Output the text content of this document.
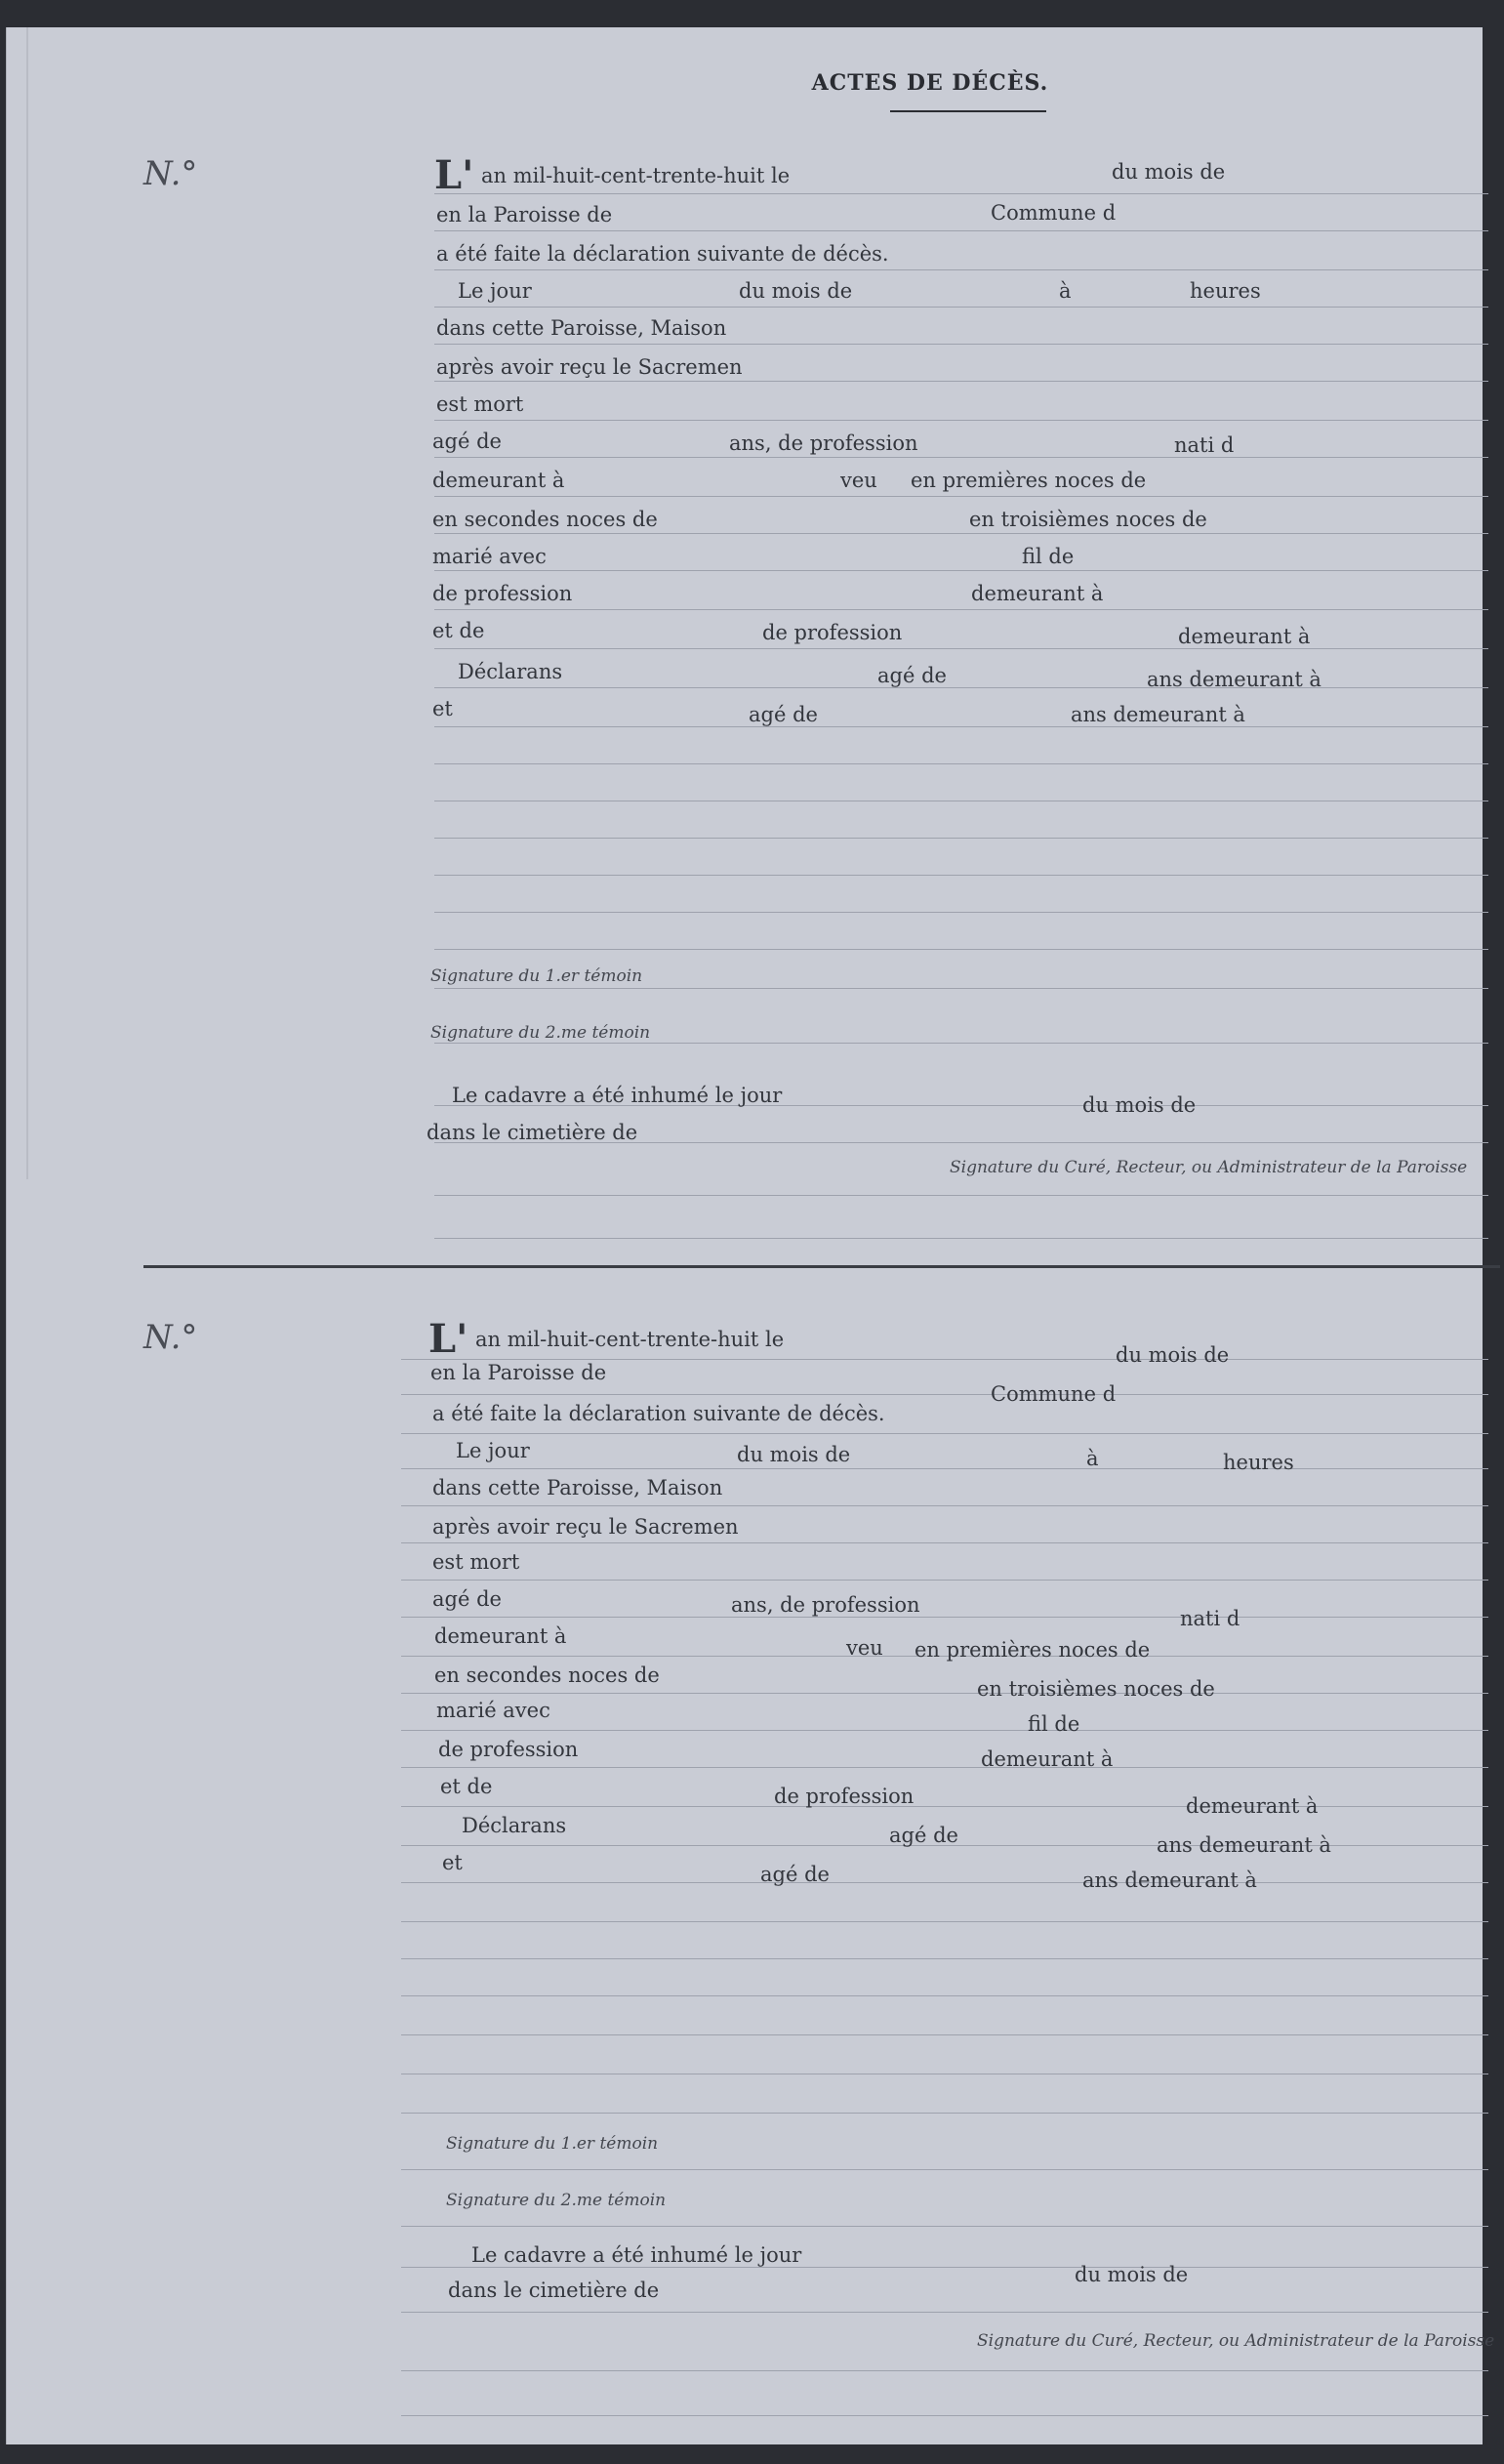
ACTES DE DÉCÈS.
N.°	L' an mil-huit-cent-trente-huit le	du mois de
en la Paroisse de	Commune d
a été faite la déclaration suivante de décès.
Le jour	du mois de	à	heures
dans cette Paroisse, Maison
après avoir reçu le Sacremen
est mort
agé de	ans, de profession	nati d
demeurant à	veu en premières noces de
en secondes noces de	en troisièmes noces de
marié avec	fil de
de profession	demeurant à
et de	de profession	demeurant à
Déclarans	agé de	ans demeurant à
et	agé de	ans demeurant à
Signature du 1.er témoin
Signature du 2.me témoin
Le cadavre a été inhumé le jour	du mois de
dans le cimetière de
Signature du Curé, Recteur, ou Administrateur de la Paroisse
N.°	L' an mil-huit-cent-trente-huit le
du mois de
en la Paroisse de
Commune d
a été faite la déclaration suivante de décès.
Le jour	du mois de	à	heures
dans cette Paroisse, Maison
après avoir reçu le Sacremen
est mort
agé de	ans, de profession
nati d
demeurant à	veu en premières noces de
en secondes noces de
en troisièmes noces de
marié avec
fil de
de profession	demeurant à
et de	de profession	demeurant à
Déclarans	agé de	ans demeurant à
et	agé de	ans demeurant à
Signature du 1.er témoin
Signature du 2.me témoin
Le cadavre a été inhumé le jour
du mois de
dans le cimetière de
Signature du Curé, Recteur, ou Administrateur de la Paroisse
